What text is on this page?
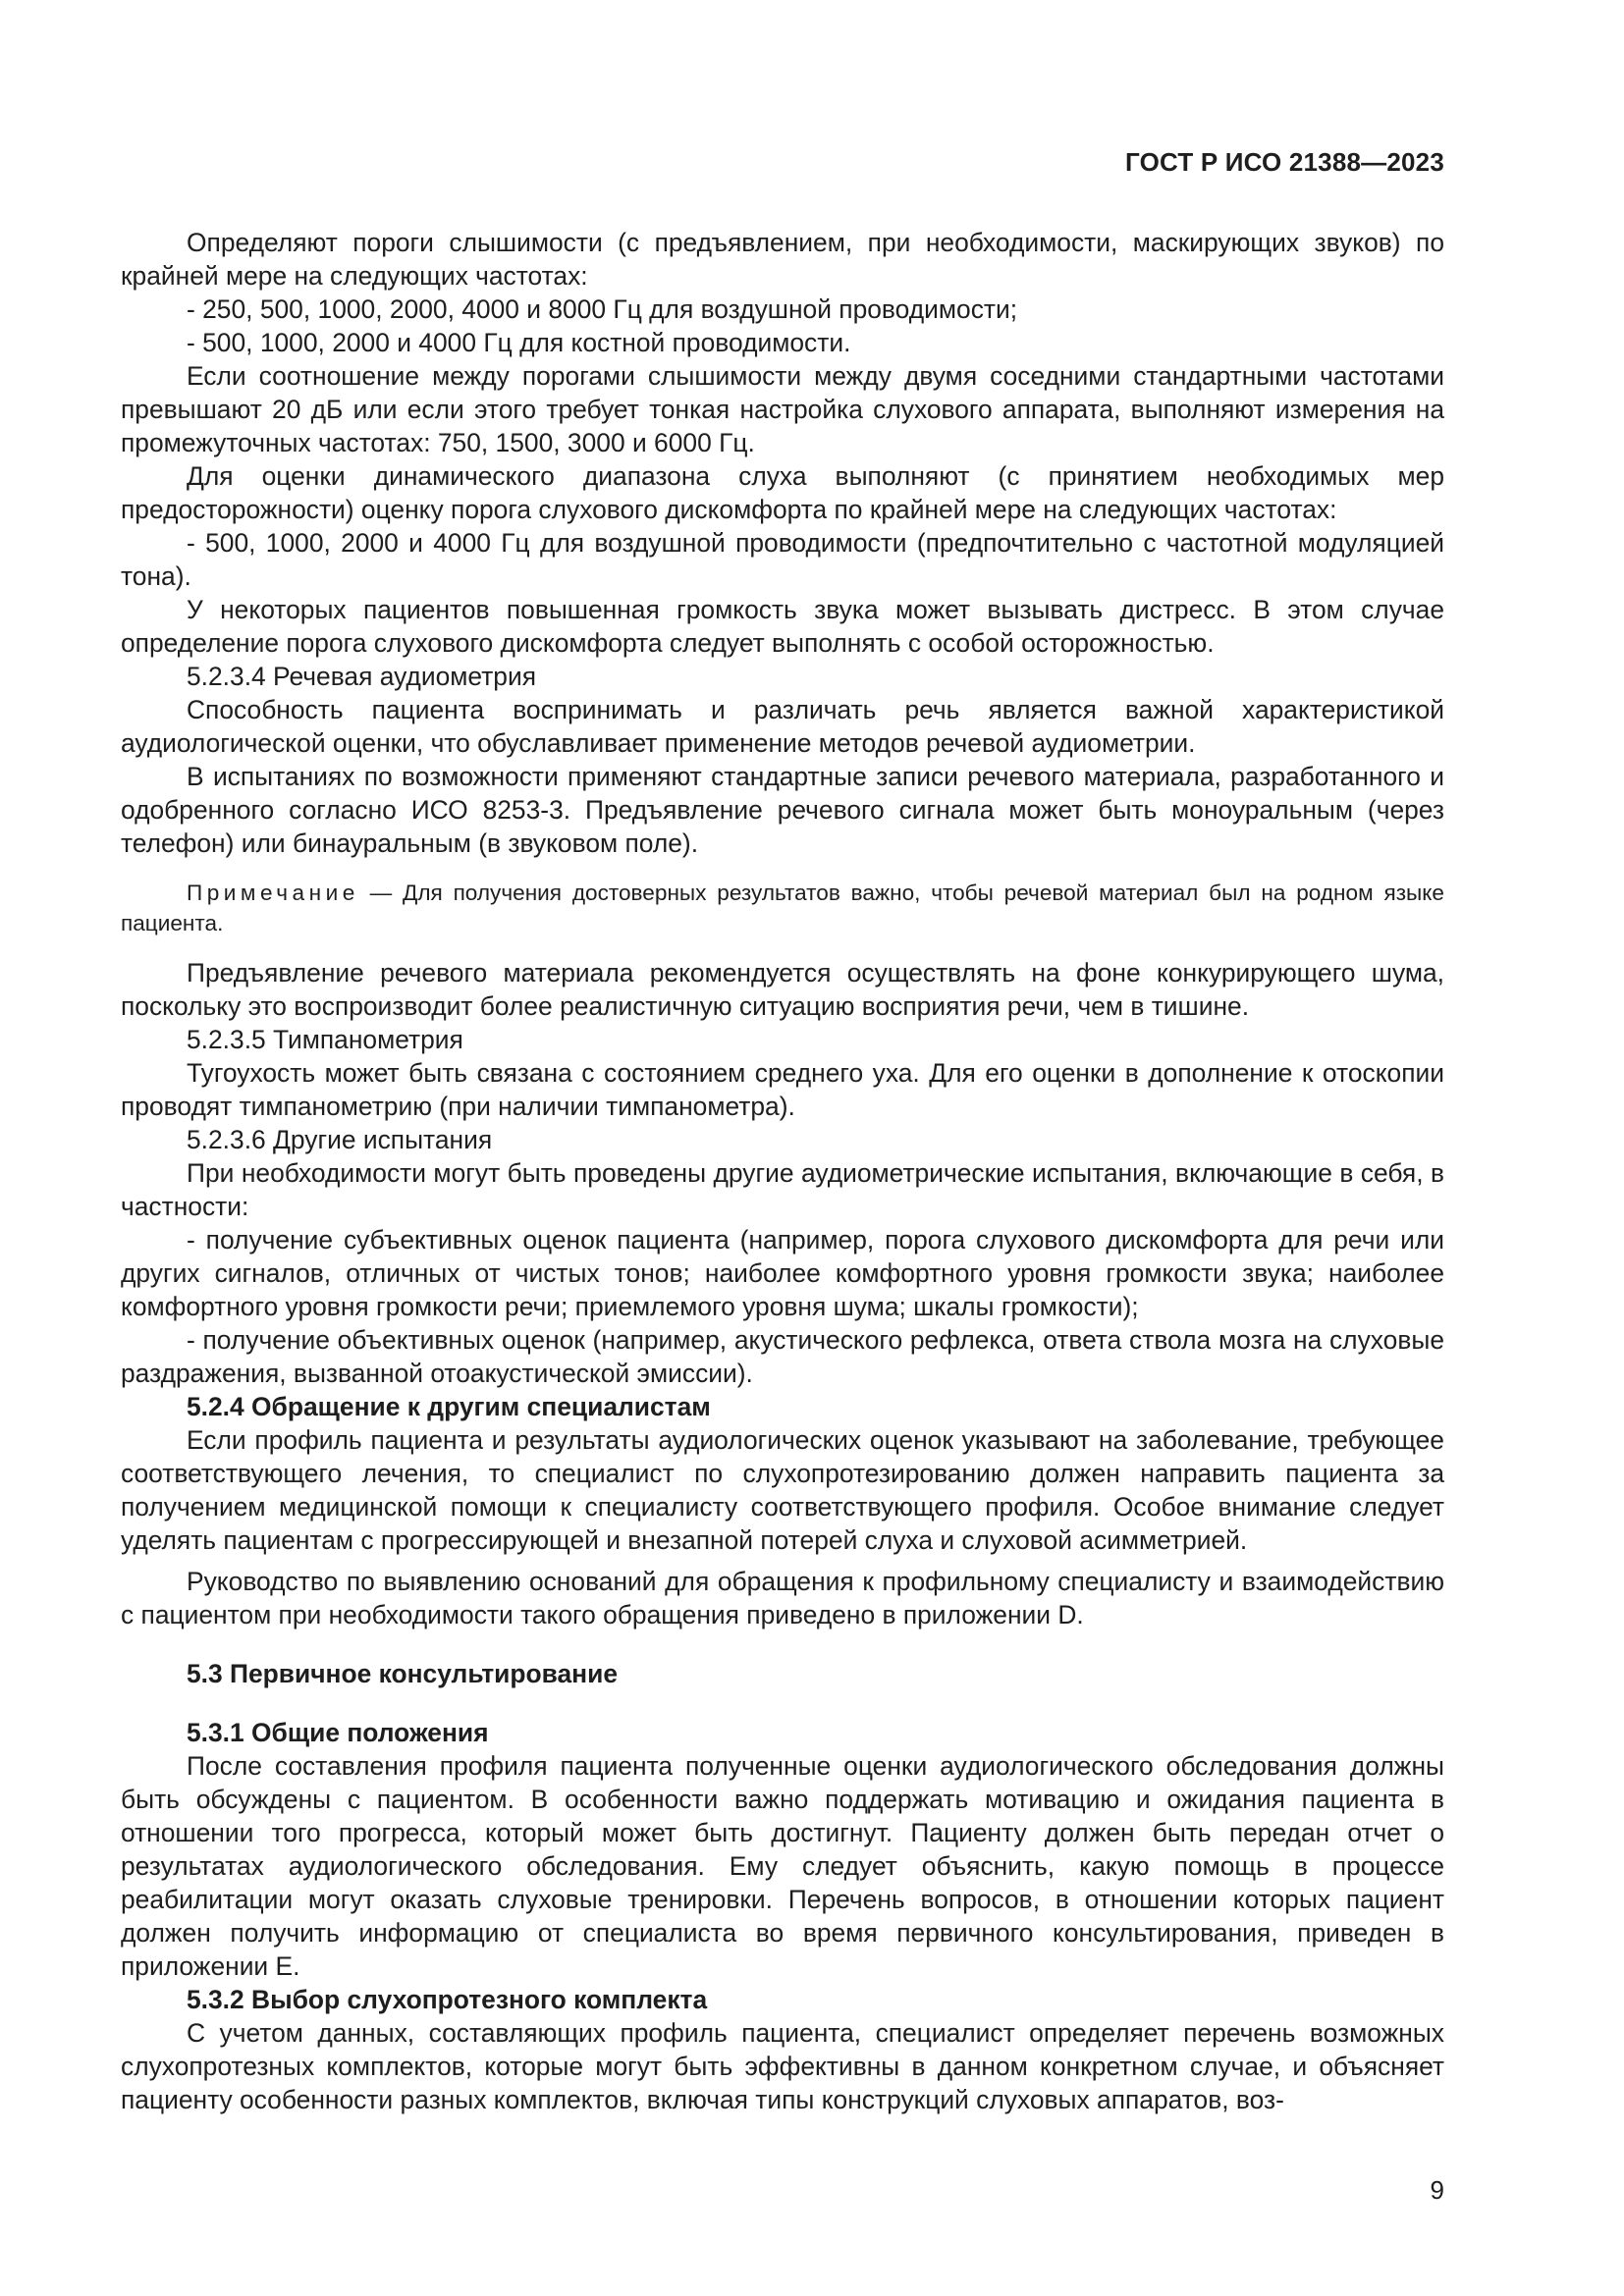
ГОСТ Р ИСО 21388—2023

Определяют пороги слышимости (с предъявлением, при необходимости, маскирующих звуков) по крайней мере на следующих частотах:

- 250, 500, 1000, 2000, 4000 и 8000 Гц для воздушной проводимости;

- 500, 1000, 2000 и 4000 Гц для костной проводимости.

Если соотношение между порогами слышимости между двумя соседними стандартными частотами превышают 20 дБ или если этого требует тонкая настройка слухового аппарата, выполняют измерения на промежуточных частотах: 750, 1500, 3000 и 6000 Гц.

Для оценки динамического диапазона слуха выполняют (с принятием необходимых мер предосторожности) оценку порога слухового дискомфорта по крайней мере на следующих частотах:

- 500, 1000, 2000 и 4000 Гц для воздушной проводимости (предпочтительно с частотной модуляцией тона).

У некоторых пациентов повышенная громкость звука может вызывать дистресс. В этом случае определение порога слухового дискомфорта следует выполнять с особой осторожностью.

5.2.3.4 Речевая аудиометрия

Способность пациента воспринимать и различать речь является важной характеристикой аудиологической оценки, что обуславливает применение методов речевой аудиометрии.

В испытаниях по возможности применяют стандартные записи речевого материала, разработанного и одобренного согласно ИСО 8253-3. Предъявление речевого сигнала может быть моноуральным (через телефон) или бинауральным (в звуковом поле).

Примечание — Для получения достоверных результатов важно, чтобы речевой материал был на родном языке пациента.

Предъявление речевого материала рекомендуется осуществлять на фоне конкурирующего шума, поскольку это воспроизводит более реалистичную ситуацию восприятия речи, чем в тишине.

5.2.3.5 Тимпанометрия

Тугоухость может быть связана с состоянием среднего уха. Для его оценки в дополнение к отоскопии проводят тимпанометрию (при наличии тимпанометра).

5.2.3.6 Другие испытания

При необходимости могут быть проведены другие аудиометрические испытания, включающие в себя, в частности:

- получение субъективных оценок пациента (например, порога слухового дискомфорта для речи или других сигналов, отличных от чистых тонов; наиболее комфортного уровня громкости звука; наиболее комфортного уровня громкости речи; приемлемого уровня шума; шкалы громкости);

- получение объективных оценок (например, акустического рефлекса, ответа ствола мозга на слуховые раздражения, вызванной отоакустической эмиссии).

5.2.4 Обращение к другим специалистам

Если профиль пациента и результаты аудиологических оценок указывают на заболевание, требующее соответствующего лечения, то специалист по слухопротезированию должен направить пациента за получением медицинской помощи к специалисту соответствующего профиля. Особое внимание следует уделять пациентам с прогрессирующей и внезапной потерей слуха и слуховой асимметрией.

Руководство по выявлению оснований для обращения к профильному специалисту и взаимодействию с пациентом при необходимости такого обращения приведено в приложении D.

5.3 Первичное консультирование

5.3.1 Общие положения

После составления профиля пациента полученные оценки аудиологического обследования должны быть обсуждены с пациентом. В особенности важно поддержать мотивацию и ожидания пациента в отношении того прогресса, который может быть достигнут. Пациенту должен быть передан отчет о результатах аудиологического обследования. Ему следует объяснить, какую помощь в процессе реабилитации могут оказать слуховые тренировки. Перечень вопросов, в отношении которых пациент должен получить информацию от специалиста во время первичного консультирования, приведен в приложении Е.

5.3.2 Выбор слухопротезного комплекта

С учетом данных, составляющих профиль пациента, специалист определяет перечень возможных слухопротезных комплектов, которые могут быть эффективны в данном конкретном случае, и объясняет пациенту особенности разных комплектов, включая типы конструкций слуховых аппаратов, воз-

9
